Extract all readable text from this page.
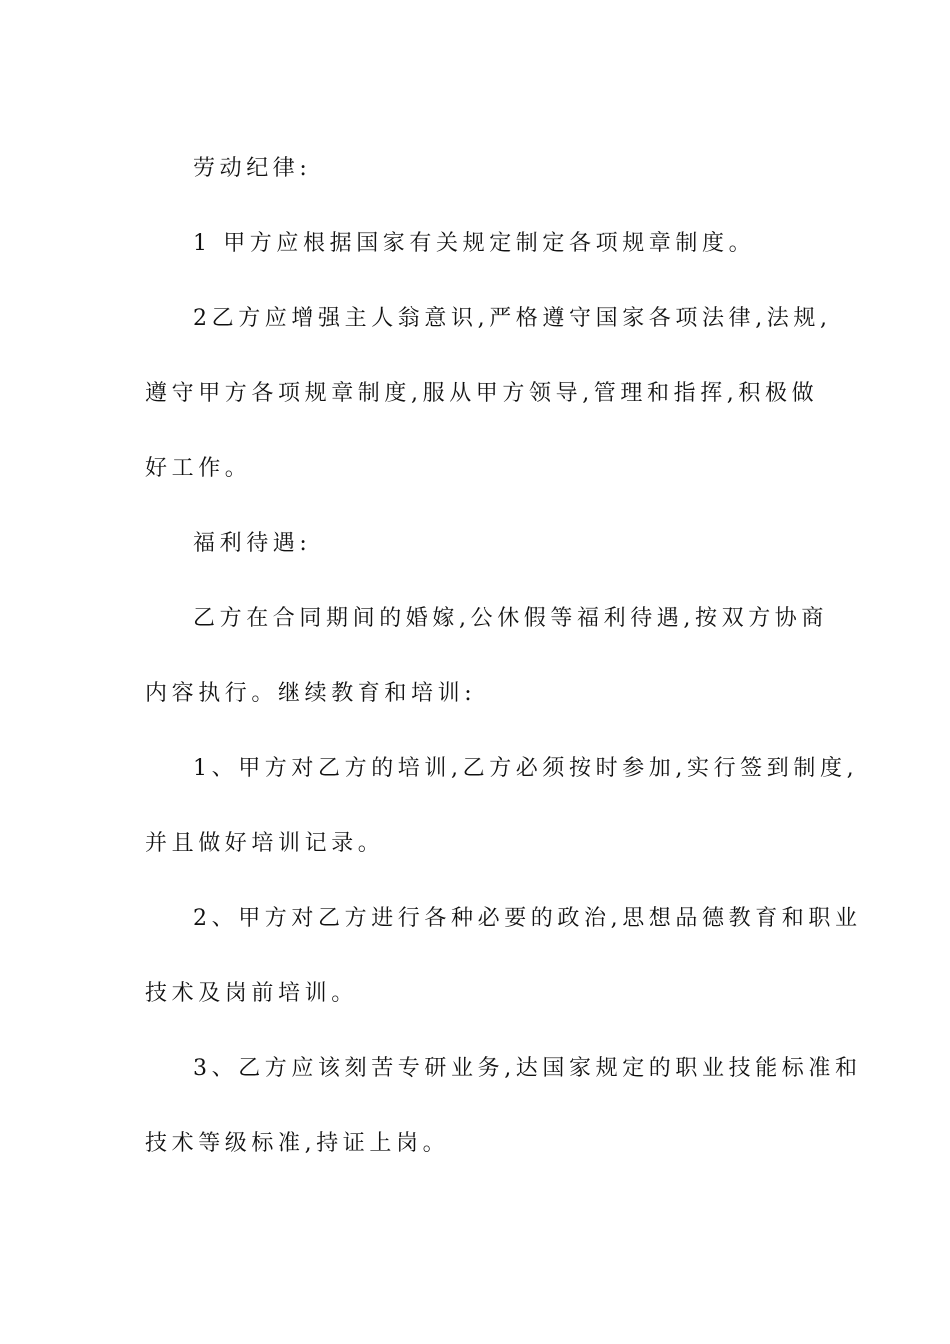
劳动纪律:
1 甲方应根据国家有关规定制定各项规章制度。
2乙方应增强主人翁意识,严格遵守国家各项法律,法规,
遵守甲方各项规章制度,服从甲方领导,管理和指挥,积极做
好工作。
福利待遇:
乙方在合同期间的婚嫁,公休假等福利待遇,按双方协商
内容执行。继续教育和培训:
1、甲方对乙方的培训,乙方必须按时参加,实行签到制度,
并且做好培训记录。
2、甲方对乙方进行各种必要的政治,思想品德教育和职业
技术及岗前培训。
3、乙方应该刻苦专研业务,达国家规定的职业技能标准和
技术等级标准,持证上岗。
